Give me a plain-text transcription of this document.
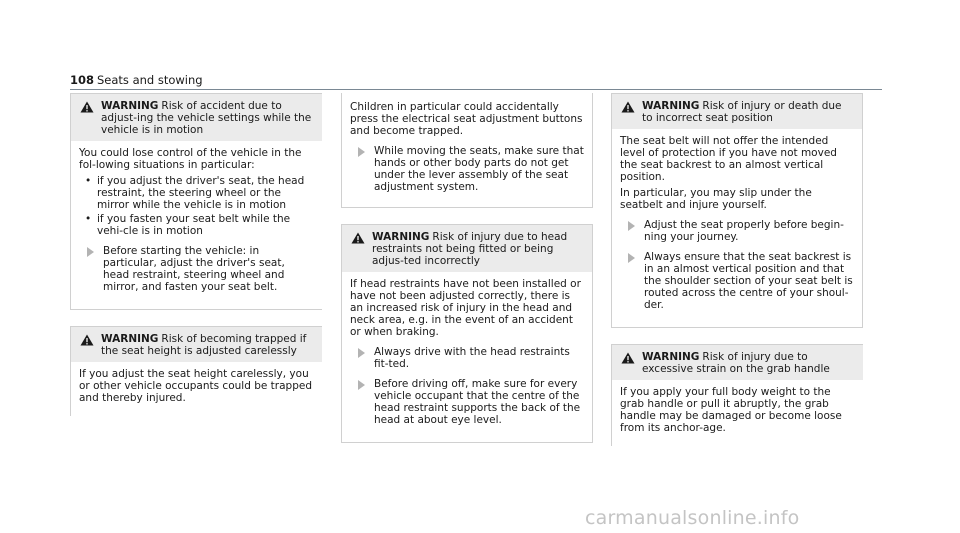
108 Seats and stowing
WARNING Risk of accident due to adjust-ing the vehicle settings while the vehicle is in motion

You could lose control of the vehicle in the fol-lowing situations in particular:

• if you adjust the driver's seat, the head restraint, the steering wheel or the mirror while the vehicle is in motion
• if you fasten your seat belt while the vehi-cle is in motion
Before starting the vehicle: in particular, adjust the driver's seat, head restraint, steering wheel and mirror, and fasten your seat belt.
WARNING Risk of becoming trapped if the seat height is adjusted carelessly

If you adjust the seat height carelessly, you or other vehicle occupants could be trapped and thereby injured.

Children in particular could accidentally press the electrical seat adjustment buttons and become trapped.

While moving the seats, make sure that hands or other body parts do not get under the lever assembly of the seat adjustment system.
WARNING Risk of injury due to head restraints not being fitted or being adjus-ted incorrectly

If head restraints have not been installed or have not been adjusted correctly, there is an increased risk of injury in the head and neck area, e.g. in the event of an accident or when braking.

Always drive with the head restraints fit-ted.
Before driving off, make sure for every vehicle occupant that the centre of the head restraint supports the back of the head at about eye level.
WARNING Risk of injury or death due to incorrect seat position

The seat belt will not offer the intended level of protection if you have not moved the seat backrest to an almost vertical position.

In particular, you may slip under the seatbelt and injure yourself.

Adjust the seat properly before begin-ning your journey.
Always ensure that the seat backrest is in an almost vertical position and that the shoulder section of your seat belt is routed across the centre of your shoul-der.
WARNING Risk of injury due to excessive strain on the grab handle

If you apply your full body weight to the grab handle or pull it abruptly, the grab handle may be damaged or become loose from its anchor-age.

carmanualsonline.info
